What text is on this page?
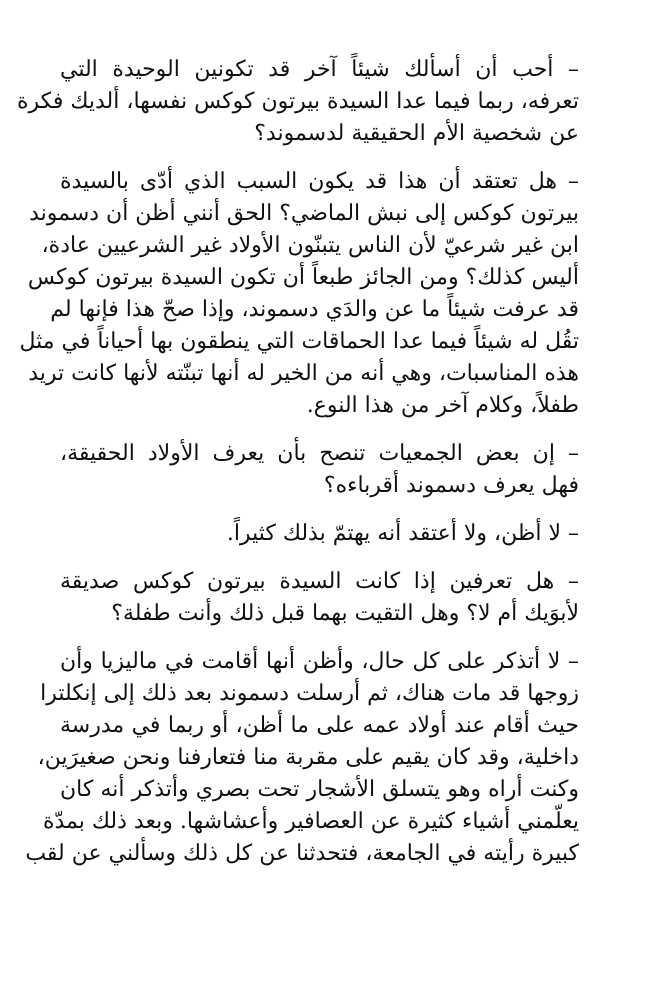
– أحب أن أسألك شيئاً آخر قد تكونين الوحيدة التي
تعرفه، ربما فيما عدا السيدة بيرتون كوكس نفسها، ألديك فكرة
عن شخصية الأم الحقيقية لدسموند؟
– هل تعتقد أن هذا قد يكون السبب الذي أدّى بالسيدة
بيرتون كوكس إلى نبش الماضي؟ الحق أنني أظن أن دسموند
ابن غير شرعيّ لأن الناس يتبنّون الأولاد غير الشرعيين عادة،
أليس كذلك؟ ومن الجائز طبعاً أن تكون السيدة بيرتون كوكس
قد عرفت شيئاً ما عن والدَي دسموند، وإذا صحّ هذا فإنها لم
تقُل له شيئاً فيما عدا الحماقات التي ينطقون بها أحياناً في مثل
هذه المناسبات، وهي أنه من الخير له أنها تبنّته لأنها كانت تريد
طفلاً، وكلام آخر من هذا النوع.
– إن بعض الجمعيات تنصح بأن يعرف الأولاد الحقيقة،
فهل يعرف دسموند أقرباءه؟
– لا أظن، ولا أعتقد أنه يهتمّ بذلك كثيراً.
– هل تعرفين إذا كانت السيدة بيرتون كوكس صديقة
لأبوَيك أم لا؟ وهل التقيت بهما قبل ذلك وأنت طفلة؟
– لا أتذكر على كل حال، وأظن أنها أقامت في ماليزيا وأن
زوجها قد مات هناك، ثم أرسلت دسموند بعد ذلك إلى إنكلترا
حيث أقام عند أولاد عمه على ما أظن، أو ربما في مدرسة
داخلية، وقد كان يقيم على مقربة منا فتعارفنا ونحن صغيرَين،
وكنت أراه وهو يتسلق الأشجار تحت بصري وأتذكر أنه كان
يعلّمني أشياء كثيرة عن العصافير وأعشاشها. وبعد ذلك بمدّة
كبيرة رأيته في الجامعة، فتحدثنا عن كل ذلك وسألني عن لقب
